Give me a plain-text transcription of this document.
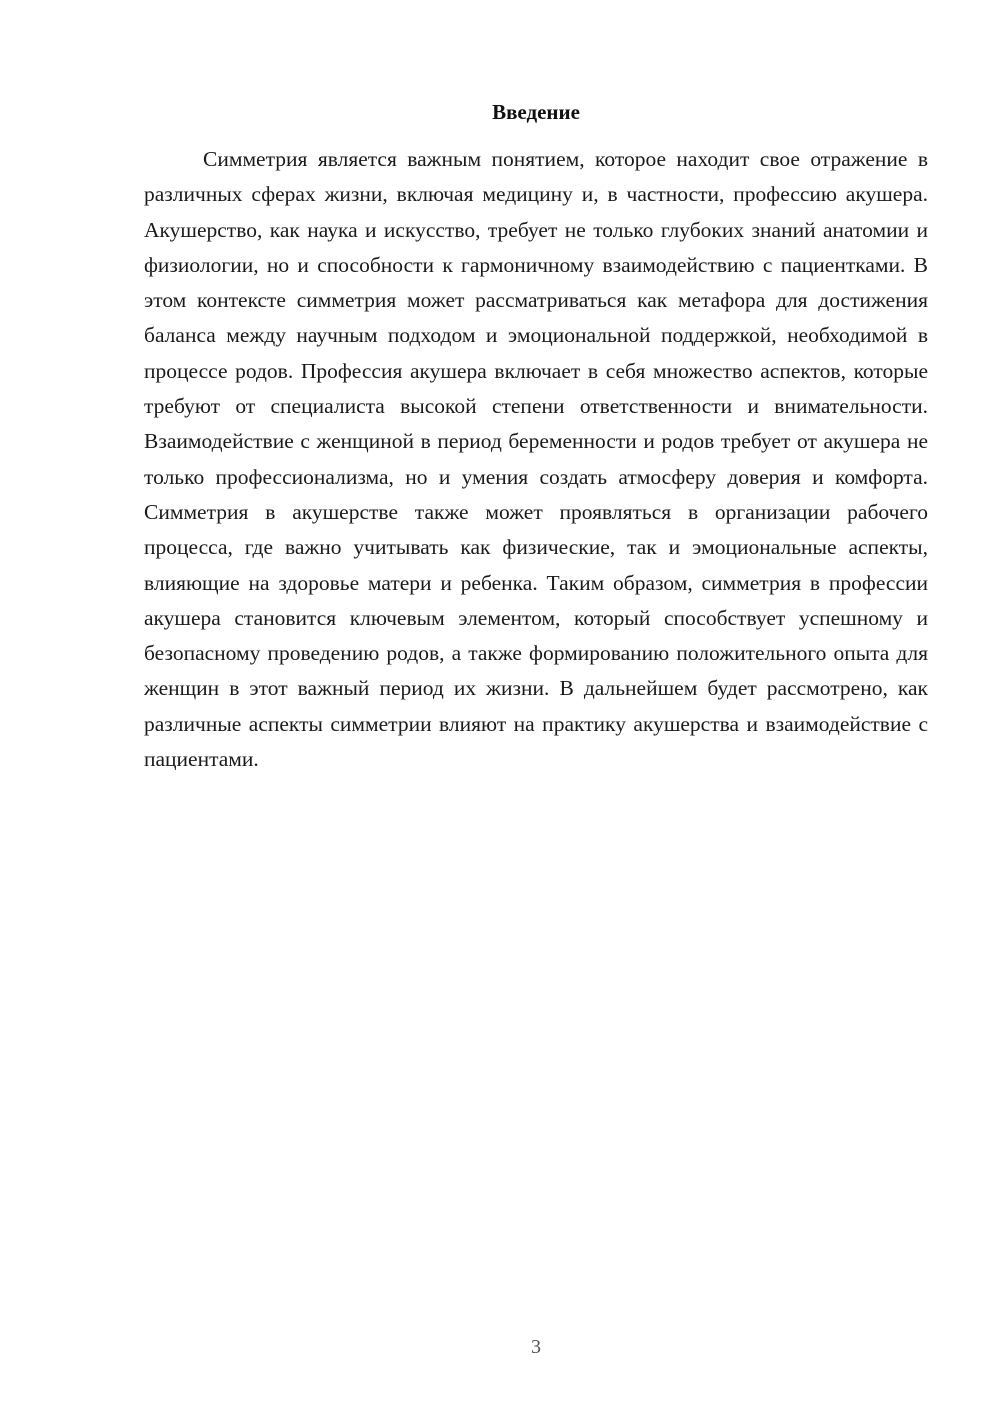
Введение

Симметрия является важным понятием, которое находит свое отражение в различных сферах жизни, включая медицину и, в частности, профессию акушера. Акушерство, как наука и искусство, требует не только глубоких знаний анатомии и физиологии, но и способности к гармоничному взаимодействию с пациентками. В этом контексте симметрия может рассматриваться как метафора для достижения баланса между научным подходом и эмоциональной поддержкой, необходимой в процессе родов. Профессия акушера включает в себя множество аспектов, которые требуют от специалиста высокой степени ответственности и внимательности. Взаимодействие с женщиной в период беременности и родов требует от акушера не только профессионализма, но и умения создать атмосферу доверия и комфорта. Симметрия в акушерстве также может проявляться в организации рабочего процесса, где важно учитывать как физические, так и эмоциональные аспекты, влияющие на здоровье матери и ребенка. Таким образом, симметрия в профессии акушера становится ключевым элементом, который способствует успешному и безопасному проведению родов, а также формированию положительного опыта для женщин в этот важный период их жизни. В дальнейшем будет рассмотрено, как различные аспекты симметрии влияют на практику акушерства и взаимодействие с пациентами.

3
